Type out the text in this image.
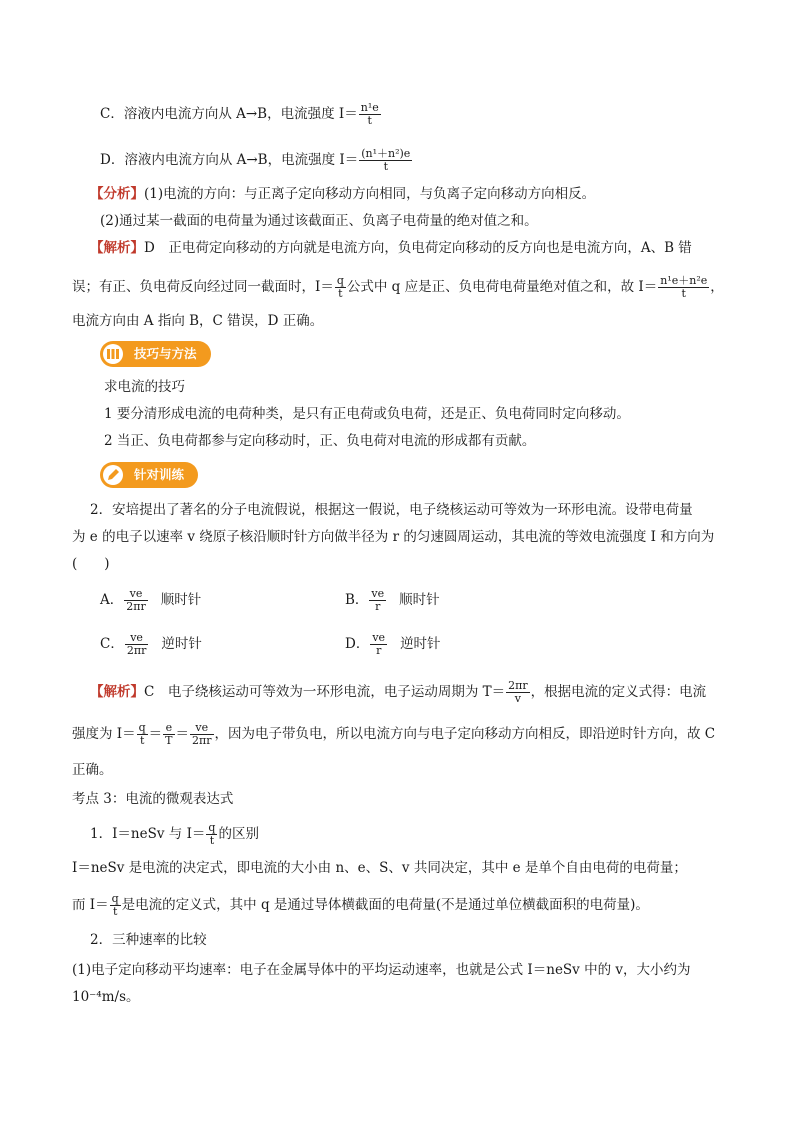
C．溶液内电流方向从 A→B，电流强度 $I= \frac{\text{n¹e}}{t}$
D．溶液内电流方向从 A→B，电流强度 $I= \frac{\text{(n¹＋n²)e}}{t}$
【分析】(1)电流的方向：与正离子定向移动方向相同，与负离子定向移动方向相反。
(2)通过某一截面的电荷量为通过该截面正、负离子电荷量的绝对值之和。
【解析】D　正电荷定向移动的方向就是电流方向，负电荷定向移动的反方向也是电流方向，A、B 错
误；有正、负电荷反向经过同一截面时，$I= \frac{q}{t}$ 公式中 q 应是正、负电荷电荷量绝对值之和，故 $I= \frac{\text{n¹e＋n²e}}{t}$ ，
电流方向由 A 指向 B，C 错误，D 正确。
技巧与方法
求电流的技巧
1 要分清形成电流的电荷种类，是只有正电荷或负电荷，还是正、负电荷同时定向移动。
2 当正、负电荷都参与定向移动时，正、负电荷对电流的形成都有贡献。
针对训练
2．安培提出了著名的分子电流假说，根据这一假说，电子绕核运动可等效为一环形电流。设带电荷量
为 e 的电子以速率 v 绕原子核沿顺时针方向做半径为 r 的匀速圆周运动，其电流的等效电流强度 I 和方向为
(　　)
A． $\frac{ve}{2\pi r}$ 顺时针	B． $\frac{ve}{r}$ 顺时针
C． $\frac{ve}{2\pi r}$ 逆时针	D． $\frac{ve}{r}$ 逆时针
【解析】C　电子绕核运动可等效为一环形电流，电子运动周期为 $T= \frac{2\pi r}{v}$ ，根据电流的定义式得：电流
强度为 $I= \frac{q}{t} = \frac{e}{T} = \frac{ve}{2\pi r}$ ，因为电子带负电，所以电流方向与电子定向移动方向相反，即沿逆时针方向，故 C
正确。
考点 3：电流的微观表达式
1．I＝neSv 与 $I= \frac{q}{t}$ 的区别
I＝neSv 是电流的决定式，即电流的大小由 n、e、S、v 共同决定，其中 e 是单个自由电荷的电荷量；
而 $I= \frac{q}{t}$ 是电流的定义式，其中 q 是通过导体横截面的电荷量(不是通过单位横截面积的电荷量)。
2．三种速率的比较
(1)电子定向移动平均速率：电子在金属导体中的平均运动速率，也就是公式 I＝neSv 中的 v，大小约为
10⁻⁴m/s。
